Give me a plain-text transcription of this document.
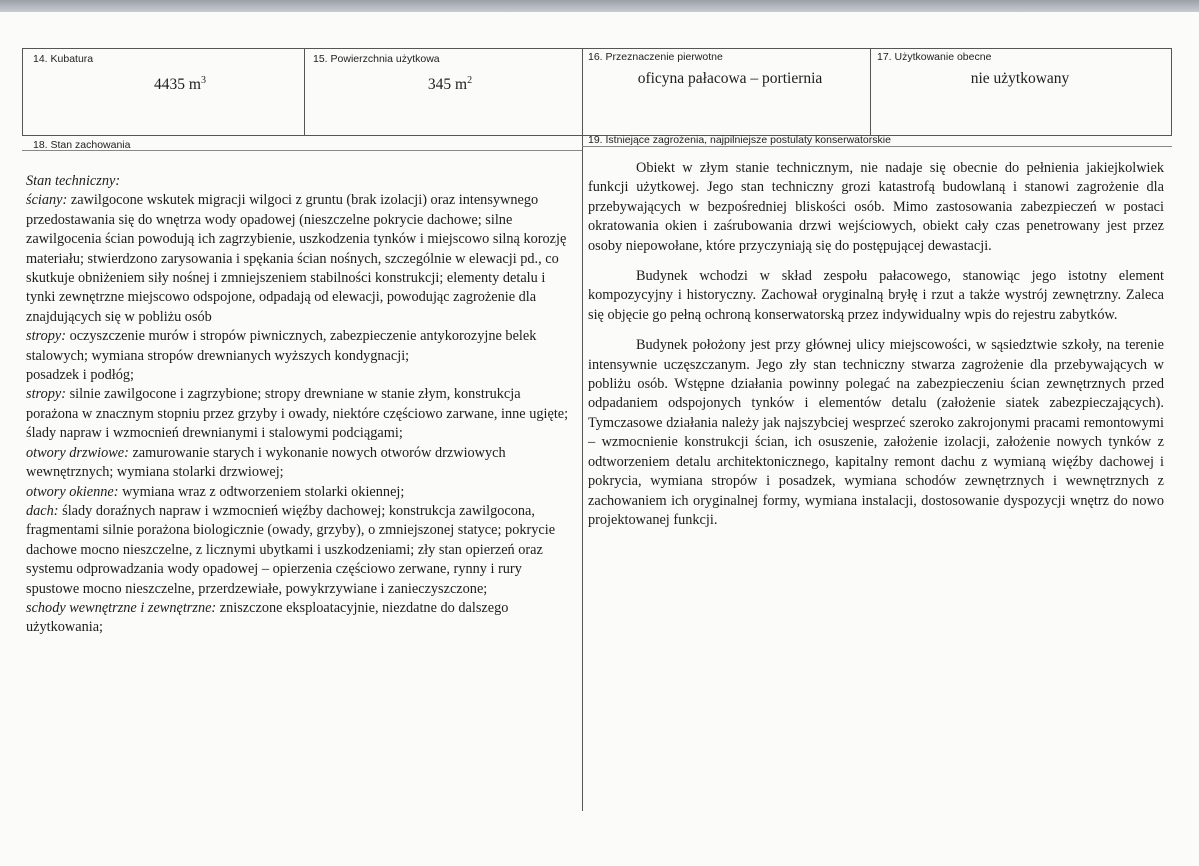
14. Kubatura
4435 $m^3$
15. Powierzchnia użytkowa
345 $m^2$
16. Przeznaczenie pierwotne
oficyna pałacowa – portiernia
17. Użytkowanie obecne
nie użytkowany
18. Stan zachowania

Stan techniczny:

ściany: zawilgocone wskutek migracji wilgoci z gruntu (brak izolacji) oraz intensywnego przedostawania się do wnętrza wody opadowej (nieszczelne pokrycie dachowe; silne zawilgocenia ścian powodują ich zagrzybienie, uszkodzenia tynków i miejscowo silną korozję materiału; stwierdzono zarysowania i spękania ścian nośnych, szczególnie w elewacji pd., co skutkuje obniżeniem siły nośnej i zmniejszeniem stabilności konstrukcji; elementy detalu i tynki zewnętrzne miejscowo odspojone, odpadają od elewacji, powodując zagrożenie dla znajdujących się w pobliżu osób

stropy: oczyszczenie murów i stropów piwnicznych, zabezpieczenie antykorozyjne belek stalowych; wymiana stropów drewnianych wyższych kondygnacji;

posadzek i podłóg;

stropy: silnie zawilgocone i zagrzybione; stropy drewniane w stanie złym, konstrukcja porażona w znacznym stopniu przez grzyby i owady, niektóre częściowo zarwane, inne ugięte; ślady napraw i wzmocnień drewnianymi i stalowymi podciągami;

otwory drzwiowe: zamurowanie starych i wykonanie nowych otworów drzwiowych wewnętrznych; wymiana stolarki drzwiowej;

otwory okienne: wymiana wraz z odtworzeniem stolarki okiennej;

dach: ślady doraźnych napraw i wzmocnień więźby dachowej; konstrukcja zawilgocona, fragmentami silnie porażona biologicznie (owady, grzyby), o zmniejszonej statyce; pokrycie dachowe mocno nieszczelne, z licznymi ubytkami i uszkodzeniami; zły stan opierzeń oraz systemu odprowadzania wody opadowej – opierzenia częściowo zerwane, rynny i rury spustowe mocno nieszczelne, przerdzewiałe, powykrzywiane i zanieczyszczone;

schody wewnętrzne i zewnętrzne: zniszczone eksploatacyjnie, niezdatne do dalszego użytkowania;

19. Istniejące zagrożenia, najpilniejsze postulaty konserwatorskie

Obiekt w złym stanie technicznym, nie nadaje się obecnie do pełnienia jakiejkolwiek funkcji użytkowej. Jego stan techniczny grozi katastrofą budowlaną i stanowi zagrożenie dla przebywających w bezpośredniej bliskości osób. Mimo zastosowania zabezpieczeń w postaci okratowania okien i zaśrubowania drzwi wejściowych, obiekt cały czas penetrowany jest przez osoby niepowołane, które przyczyniają się do postępującej dewastacji.

Budynek wchodzi w skład zespołu pałacowego, stanowiąc jego istotny element kompozycyjny i historyczny. Zachował oryginalną bryłę i rzut a także wystrój zewnętrzny. Zaleca się objęcie go pełną ochroną konserwatorską przez indywidualny wpis do rejestru zabytków.

Budynek położony jest przy głównej ulicy miejscowości, w sąsiedztwie szkoły, na terenie intensywnie uczęszczanym. Jego zły stan techniczny stwarza zagrożenie dla przebywających w pobliżu osób. Wstępne działania powinny polegać na zabezpieczeniu ścian zewnętrznych przed odpadaniem odspojonych tynków i elementów detalu (założenie siatek zabezpieczających). Tymczasowe działania należy jak najszybciej wesprzeć szeroko zakrojonymi pracami remontowymi – wzmocnienie konstrukcji ścian, ich osuszenie, założenie izolacji, założenie nowych tynków z odtworzeniem detalu architektonicznego, kapitalny remont dachu z wymianą więźby dachowej i pokrycia, wymiana stropów i posadzek, wymiana schodów zewnętrznych i wewnętrznych z zachowaniem ich oryginalnej formy, wymiana instalacji, dostosowanie dyspozycji wnętrz do nowo projektowanej funkcji.
